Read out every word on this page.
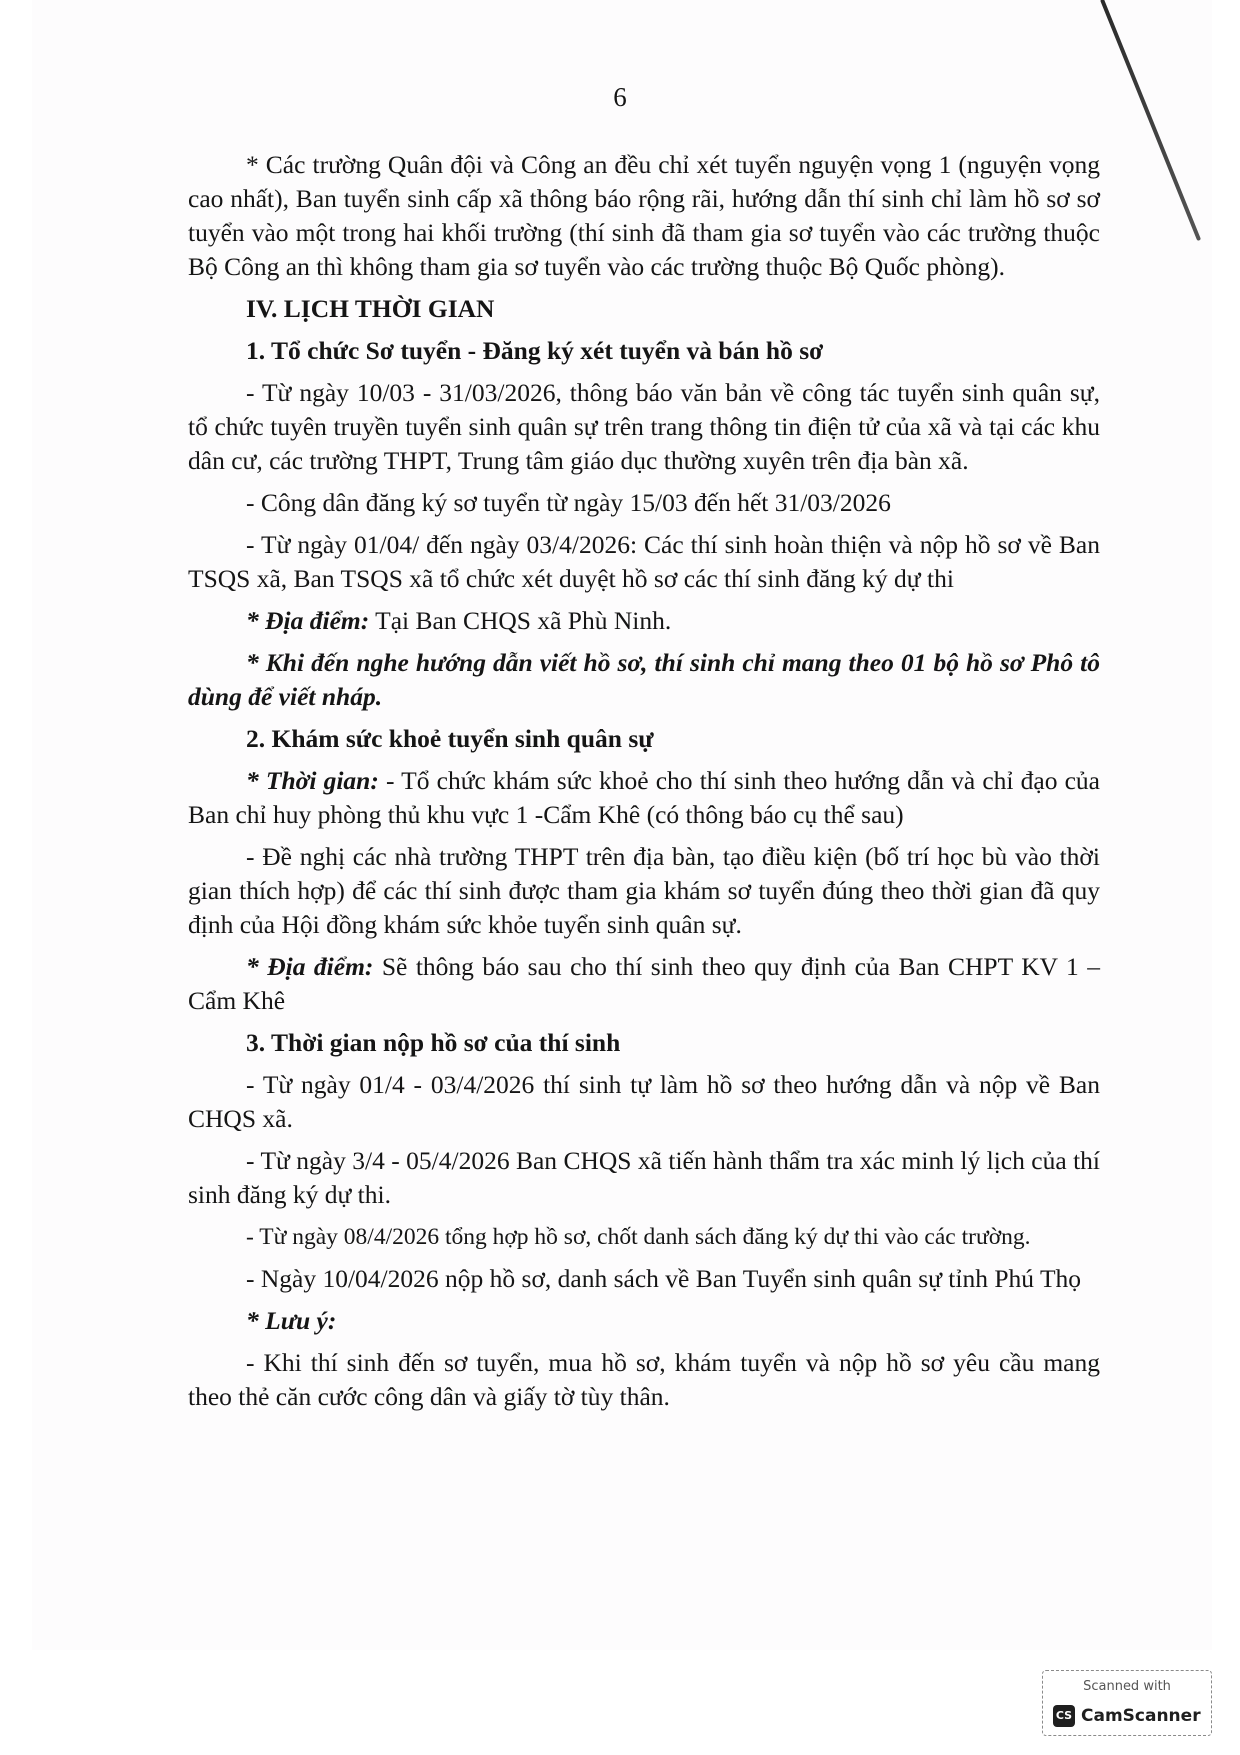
6

* Các trường Quân đội và Công an đều chỉ xét tuyển nguyện vọng 1 (nguyện vọng cao nhất), Ban tuyển sinh cấp xã thông báo rộng rãi, hướng dẫn thí sinh chỉ làm hồ sơ sơ tuyển vào một trong hai khối trường (thí sinh đã tham gia sơ tuyển vào các trường thuộc Bộ Công an thì không tham gia sơ tuyển vào các trường thuộc Bộ Quốc phòng).

IV. LỊCH THỜI GIAN

1. Tổ chức Sơ tuyển - Đăng ký xét tuyển và bán hồ sơ

- Từ ngày 10/03 - 31/03/2026, thông báo văn bản về công tác tuyển sinh quân sự, tổ chức tuyên truyền tuyển sinh quân sự trên trang thông tin điện tử của xã và tại các khu dân cư, các trường THPT, Trung tâm giáo dục thường xuyên trên địa bàn xã.

- Công dân đăng ký sơ tuyển từ ngày 15/03 đến hết 31/03/2026

- Từ ngày 01/04/ đến ngày 03/4/2026: Các thí sinh hoàn thiện và nộp hồ sơ về Ban TSQS xã, Ban TSQS xã tổ chức xét duyệt hồ sơ các thí sinh đăng ký dự thi

* Địa điểm: Tại Ban CHQS xã Phù Ninh.

* Khi đến nghe hướng dẫn viết hồ sơ, thí sinh chỉ mang theo 01 bộ hồ sơ Phô tô dùng để viết nháp.

2. Khám sức khoẻ tuyển sinh quân sự

* Thời gian: - Tổ chức khám sức khoẻ cho thí sinh theo hướng dẫn và chỉ đạo của Ban chỉ huy phòng thủ khu vực 1 -Cẩm Khê (có thông báo cụ thể sau)

- Đề nghị các nhà trường THPT trên địa bàn, tạo điều kiện (bố trí học bù vào thời gian thích hợp) để các thí sinh được tham gia khám sơ tuyển đúng theo thời gian đã quy định của Hội đồng khám sức khỏe tuyển sinh quân sự.

* Địa điểm: Sẽ thông báo sau cho thí sinh theo quy định của Ban CHPT KV 1 – Cẩm Khê

3. Thời gian nộp hồ sơ của thí sinh

- Từ ngày 01/4 - 03/4/2026 thí sinh tự làm hồ sơ theo hướng dẫn và nộp về Ban CHQS xã.

- Từ ngày 3/4 - 05/4/2026 Ban CHQS xã tiến hành thẩm tra xác minh lý lịch của thí sinh đăng ký dự thi.

- Từ ngày 08/4/2026 tổng hợp hồ sơ, chốt danh sách đăng ký dự thi vào các trường.

- Ngày 10/04/2026 nộp hồ sơ, danh sách về Ban Tuyển sinh quân sự tỉnh Phú Thọ

* Lưu ý:

- Khi thí sinh đến sơ tuyển, mua hồ sơ, khám tuyển và nộp hồ sơ yêu cầu mang theo thẻ căn cước công dân và giấy tờ tùy thân.

Scanned with
CS CamScanner
